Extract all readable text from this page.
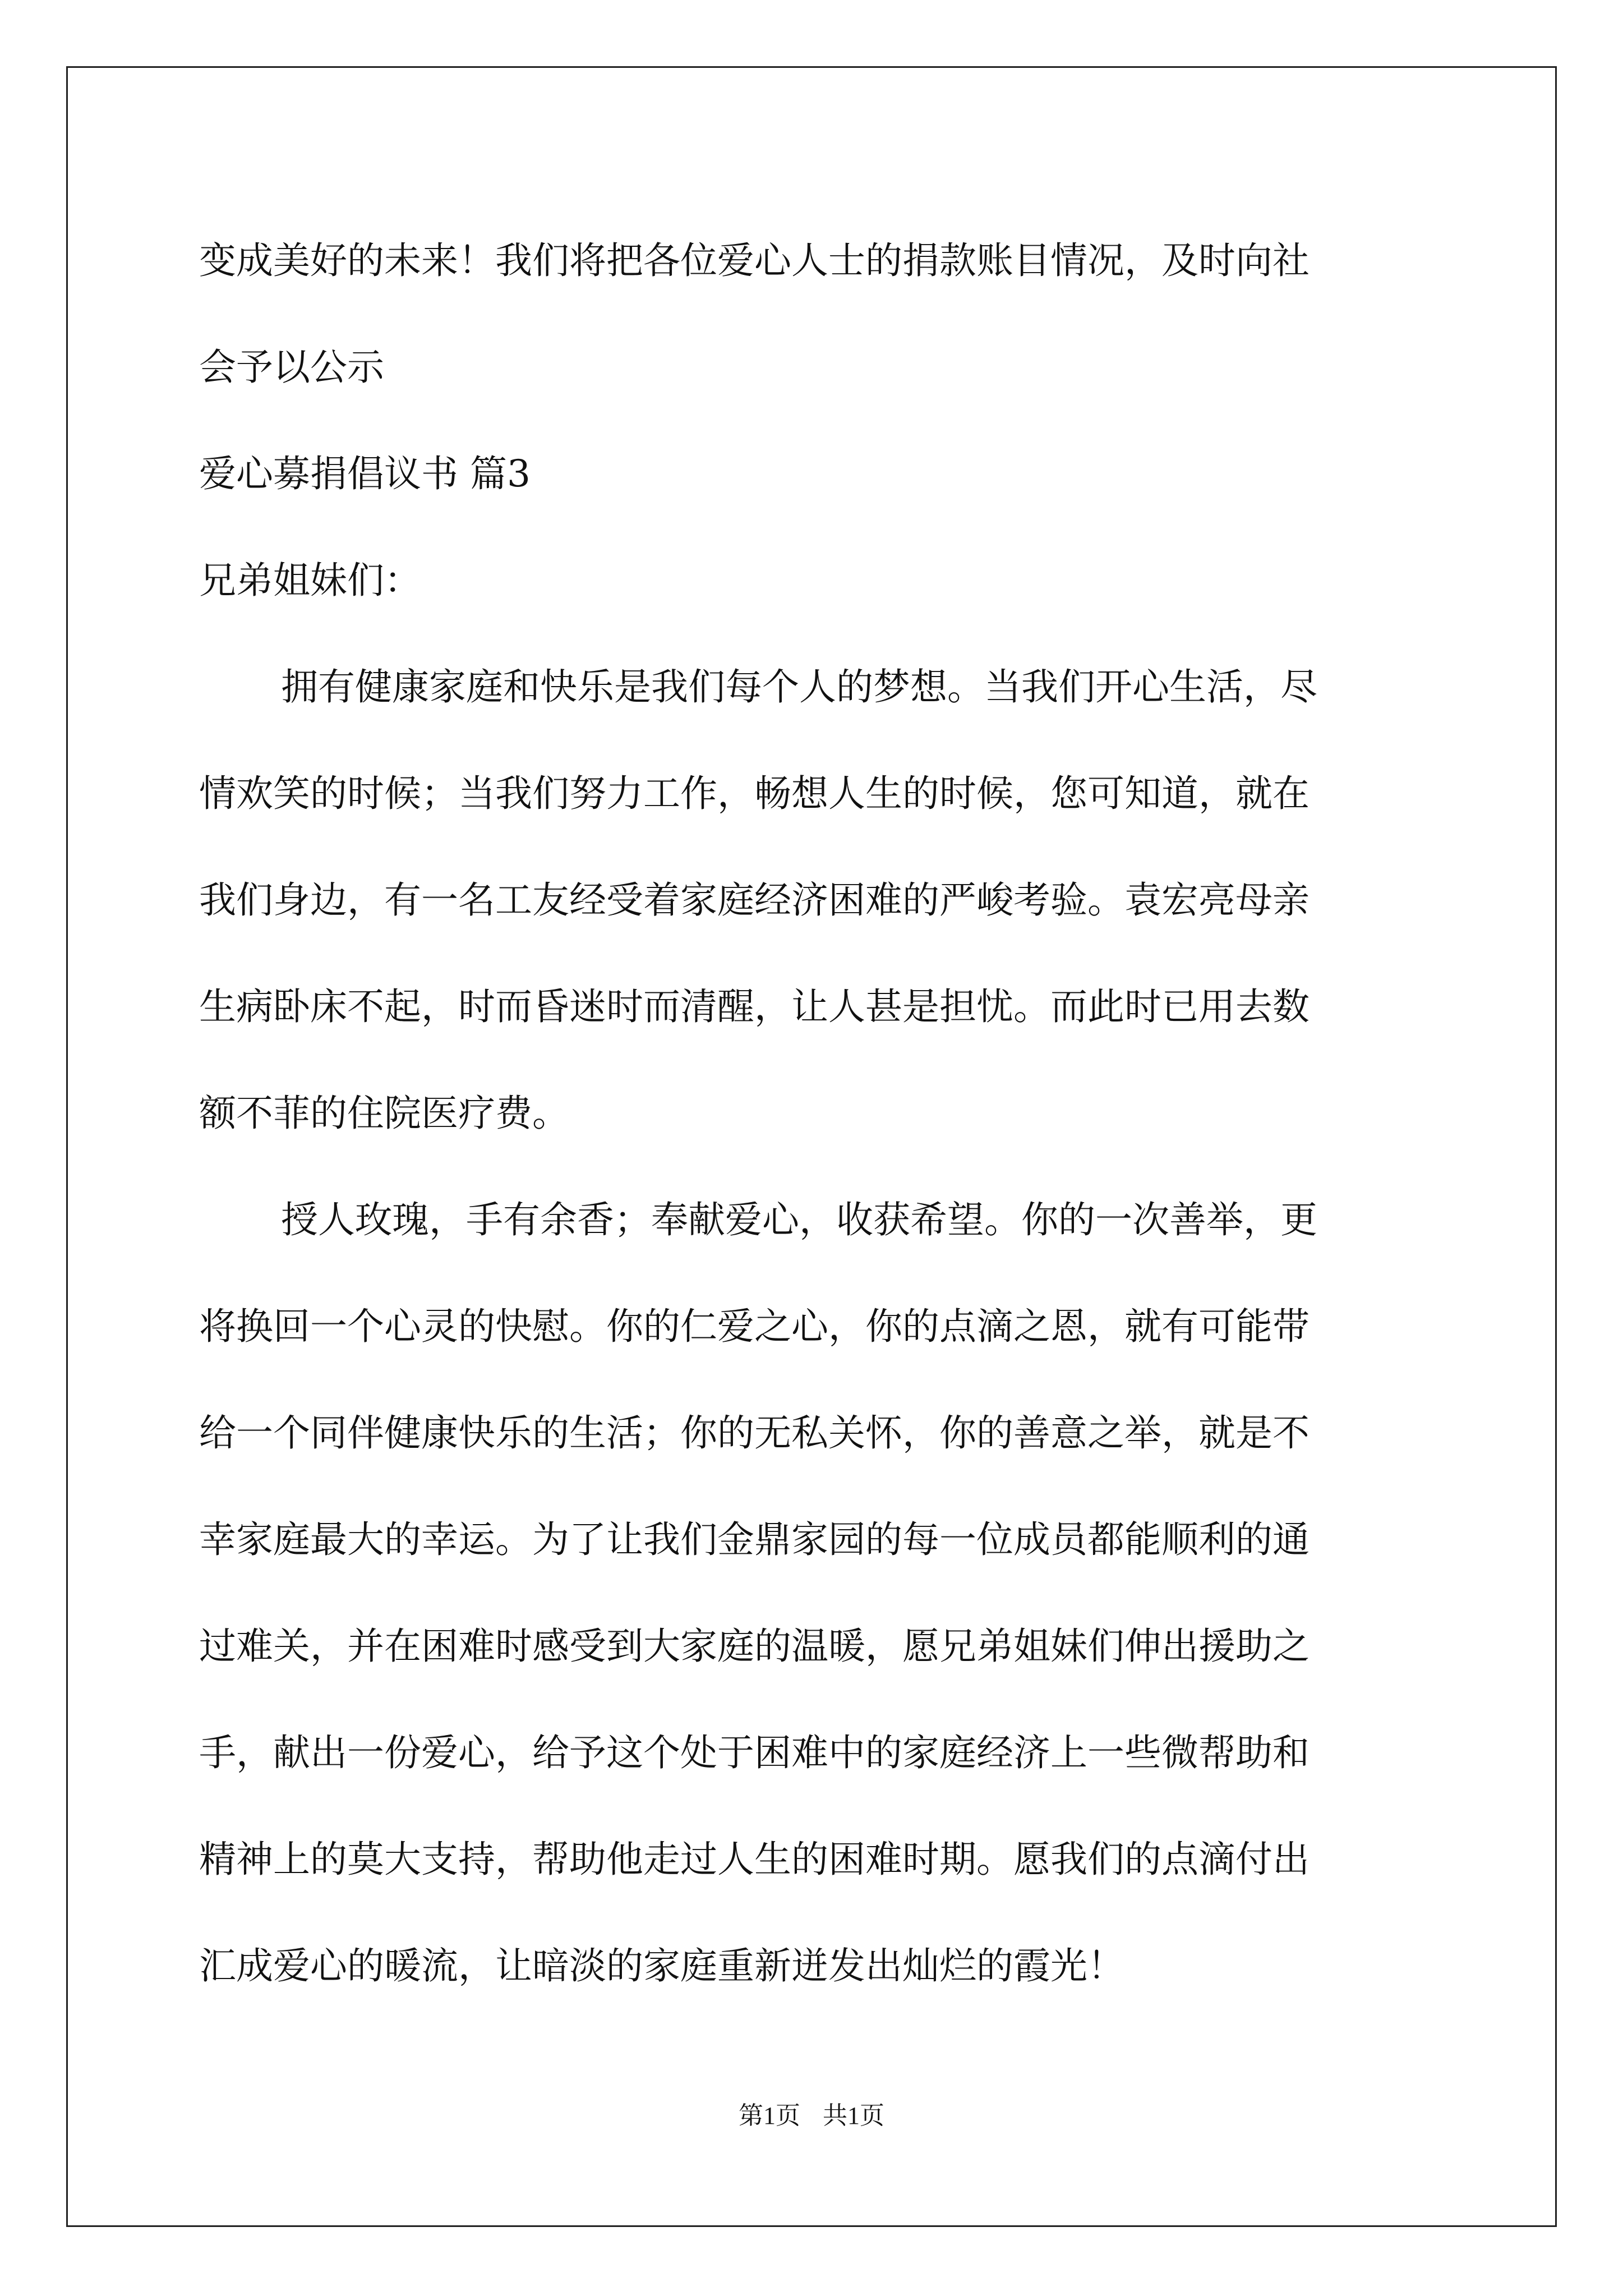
变成美好的未来！我们将把各位爱心人士的捐款账目情况，及时向社
会予以公示
爱心募捐倡议书 篇3
兄弟姐妹们：
拥有健康家庭和快乐是我们每个人的梦想。当我们开心生活，尽
情欢笑的时候；当我们努力工作，畅想人生的时候，您可知道，就在
我们身边，有一名工友经受着家庭经济困难的严峻考验。袁宏亮母亲
生病卧床不起，时而昏迷时而清醒，让人甚是担忧。而此时已用去数
额不菲的住院医疗费。
授人玫瑰，手有余香；奉献爱心，收获希望。你的一次善举，更
将换回一个心灵的快慰。你的仁爱之心，你的点滴之恩，就有可能带
给一个同伴健康快乐的生活；你的无私关怀，你的善意之举，就是不
幸家庭最大的幸运。为了让我们金鼎家园的每一位成员都能顺利的通
过难关，并在困难时感受到大家庭的温暖，愿兄弟姐妹们伸出援助之
手，献出一份爱心，给予这个处于困难中的家庭经济上一些微帮助和
精神上的莫大支持，帮助他走过人生的困难时期。愿我们的点滴付出
汇成爱心的暖流，让暗淡的家庭重新迸发出灿烂的霞光！
第1页 共1页
